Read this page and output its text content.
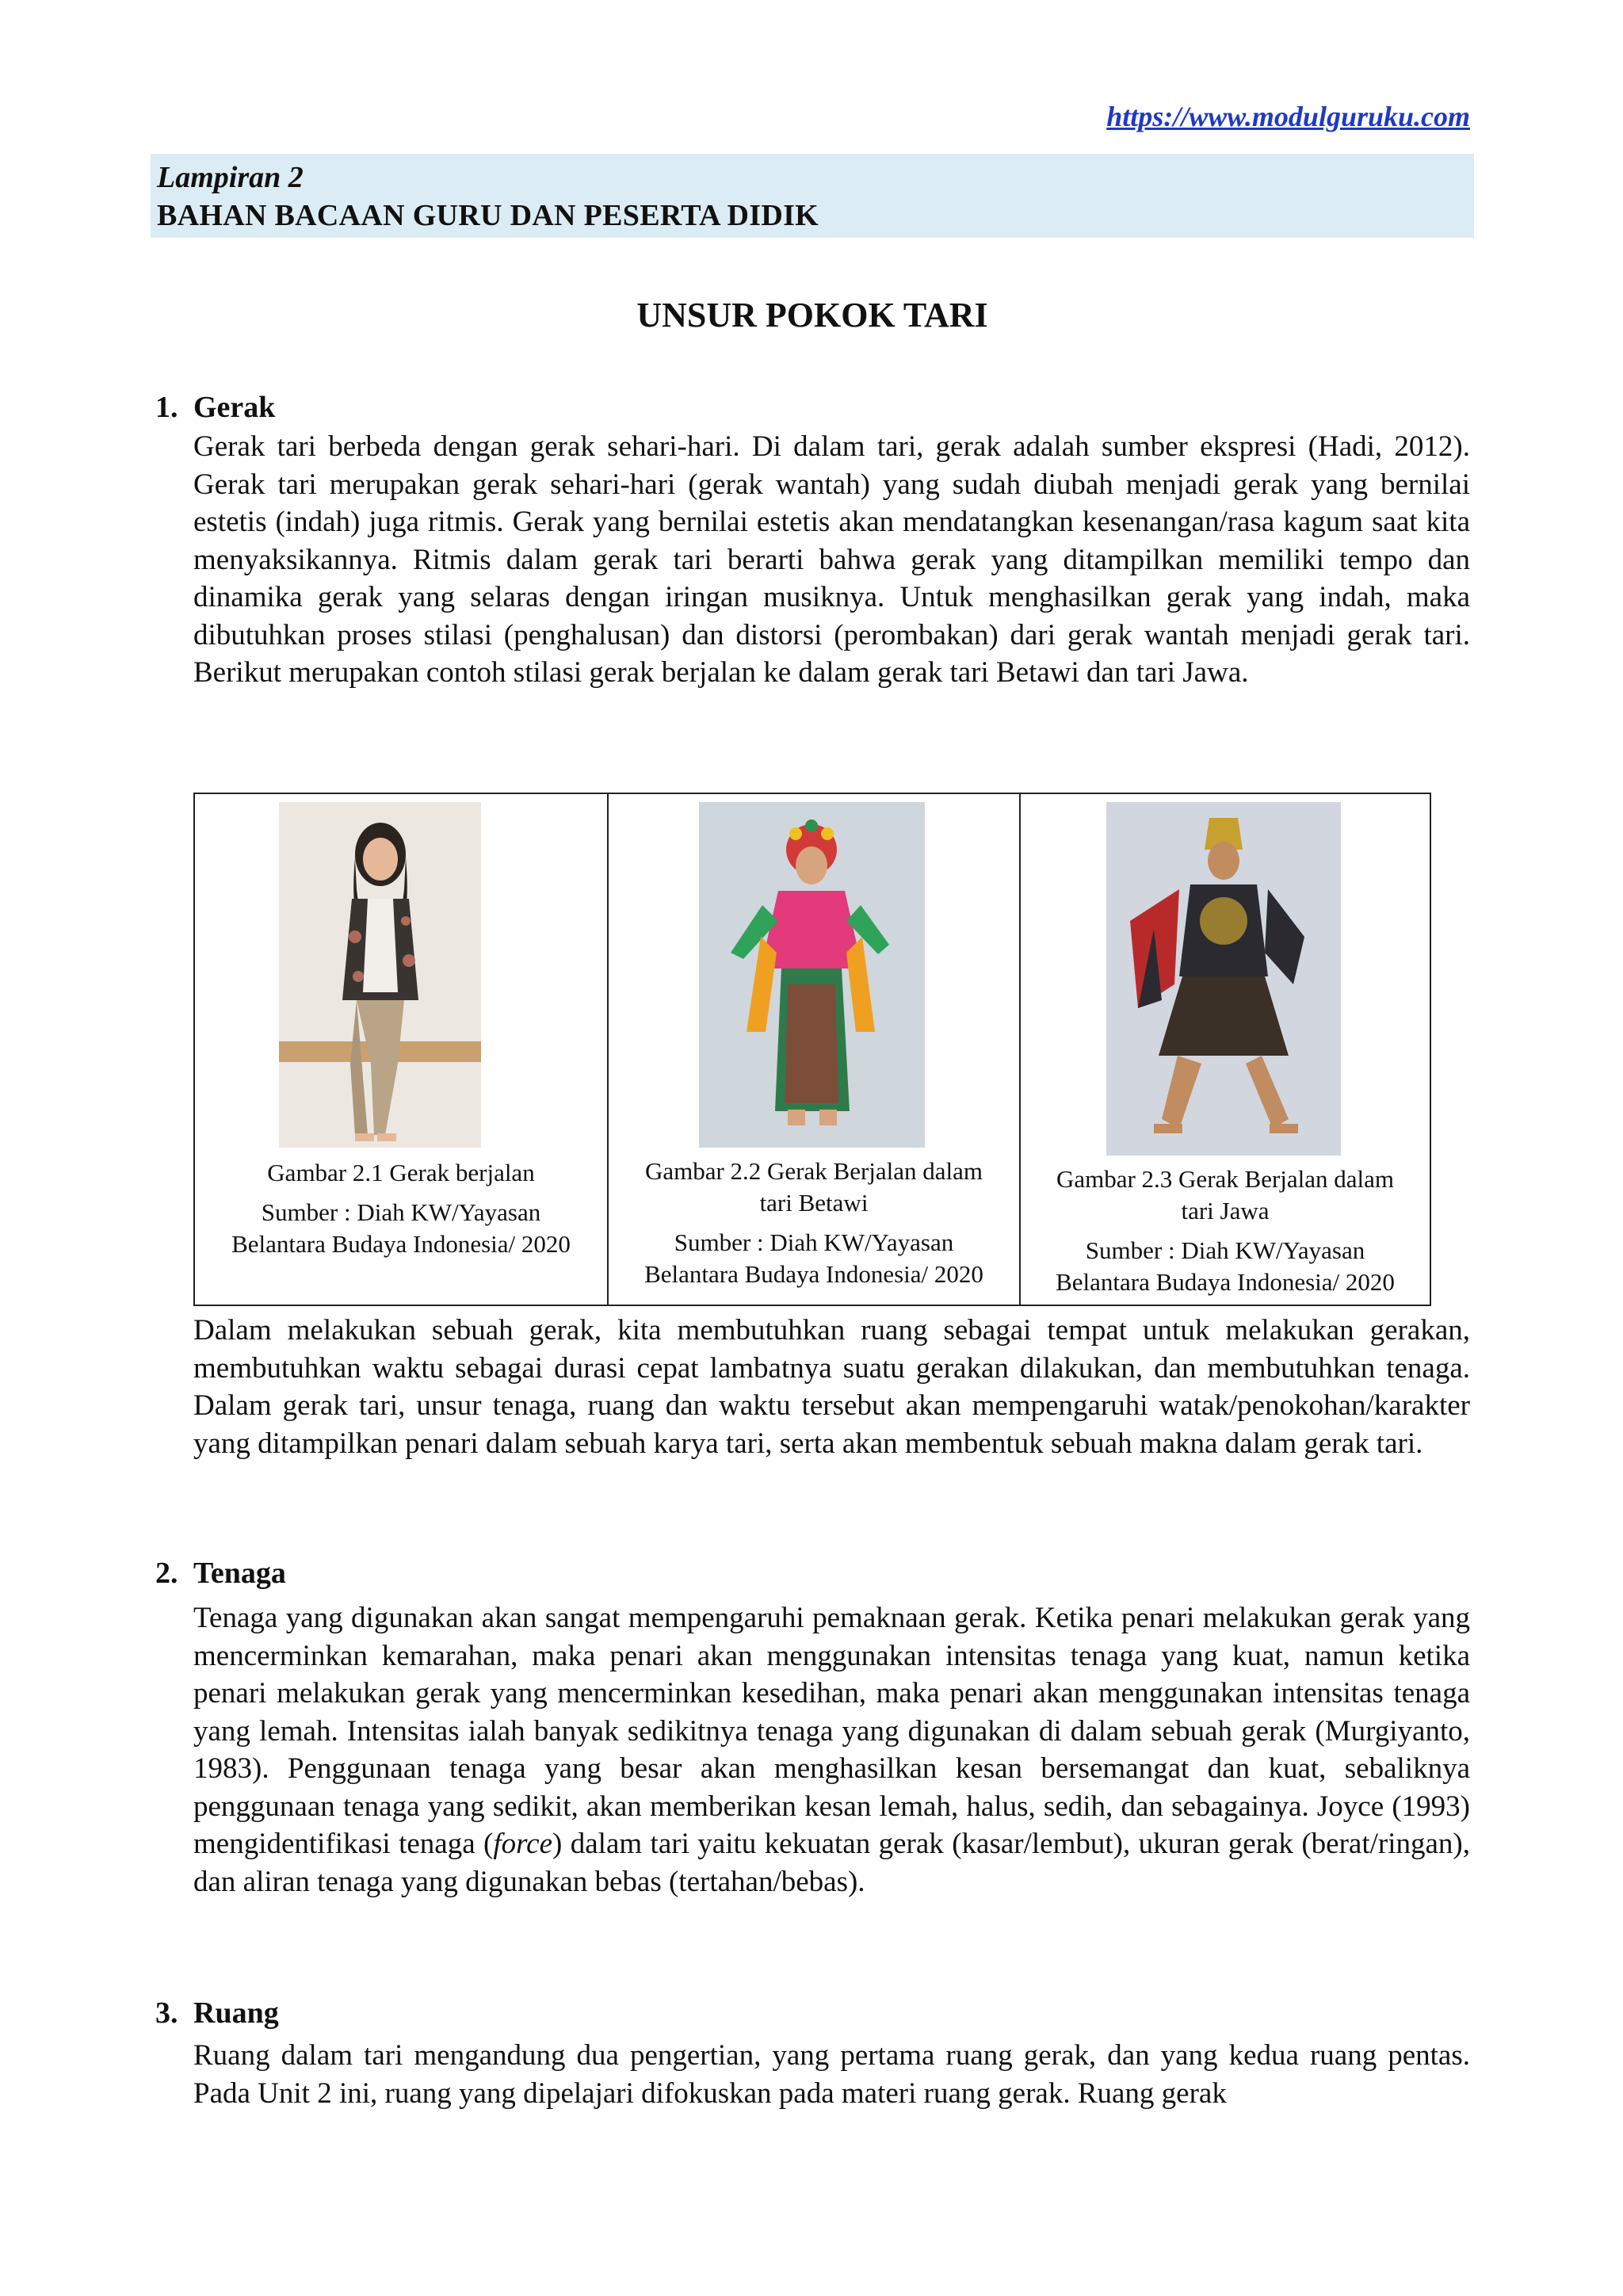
https://www.modulguruku.com
Lampiran 2
BAHAN BACAAN GURU DAN PESERTA DIDIK
UNSUR POKOK TARI
1. Gerak

Gerak tari berbeda dengan gerak sehari-hari. Di dalam tari, gerak adalah sumber ekspresi (Hadi, 2012). Gerak tari merupakan gerak sehari-hari (gerak wantah) yang sudah diubah menjadi gerak yang bernilai estetis (indah) juga ritmis. Gerak yang bernilai estetis akan mendatangkan kesenangan/rasa kagum saat kita menyaksikannya. Ritmis dalam gerak tari berarti bahwa gerak yang ditampilkan memiliki tempo dan dinamika gerak yang selaras dengan iringan musiknya. Untuk menghasilkan gerak yang indah, maka dibutuhkan proses stilasi (penghalusan) dan distorsi (perombakan) dari gerak wantah menjadi gerak tari. Berikut merupakan contoh stilasi gerak berjalan ke dalam gerak tari Betawi dan tari Jawa.

Gambar 2.1 Gerak berjalan
Sumber : Diah KW/Yayasan
Belantara Budaya Indonesia/ 2020
Gambar 2.2 Gerak Berjalan dalam
tari Betawi
Sumber : Diah KW/Yayasan
Belantara Budaya Indonesia/ 2020
Gambar 2.3 Gerak Berjalan dalam
tari Jawa
Sumber : Diah KW/Yayasan
Belantara Budaya Indonesia/ 2020

Dalam melakukan sebuah gerak, kita membutuhkan ruang sebagai tempat untuk melakukan gerakan, membutuhkan waktu sebagai durasi cepat lambatnya suatu gerakan dilakukan, dan membutuhkan tenaga. Dalam gerak tari, unsur tenaga, ruang dan waktu tersebut akan mempengaruhi watak/penokohan/karakter yang ditampilkan penari dalam sebuah karya tari, serta akan membentuk sebuah makna dalam gerak tari.

2. Tenaga

Tenaga yang digunakan akan sangat mempengaruhi pemaknaan gerak. Ketika penari melakukan gerak yang mencerminkan kemarahan, maka penari akan menggunakan intensitas tenaga yang kuat, namun ketika penari melakukan gerak yang mencerminkan kesedihan, maka penari akan menggunakan intensitas tenaga yang lemah. Intensitas ialah banyak sedikitnya tenaga yang digunakan di dalam sebuah gerak (Murgiyanto, 1983). Penggunaan tenaga yang besar akan menghasilkan kesan bersemangat dan kuat, sebaliknya penggunaan tenaga yang sedikit, akan memberikan kesan lemah, halus, sedih, dan sebagainya. Joyce (1993) mengidentifikasi tenaga (force) dalam tari yaitu kekuatan gerak (kasar/lembut), ukuran gerak (berat/ringan), dan aliran tenaga yang digunakan bebas (tertahan/bebas).

3. Ruang

Ruang dalam tari mengandung dua pengertian, yang pertama ruang gerak, dan yang kedua ruang pentas. Pada Unit 2 ini, ruang yang dipelajari difokuskan pada materi ruang gerak. Ruang gerak
